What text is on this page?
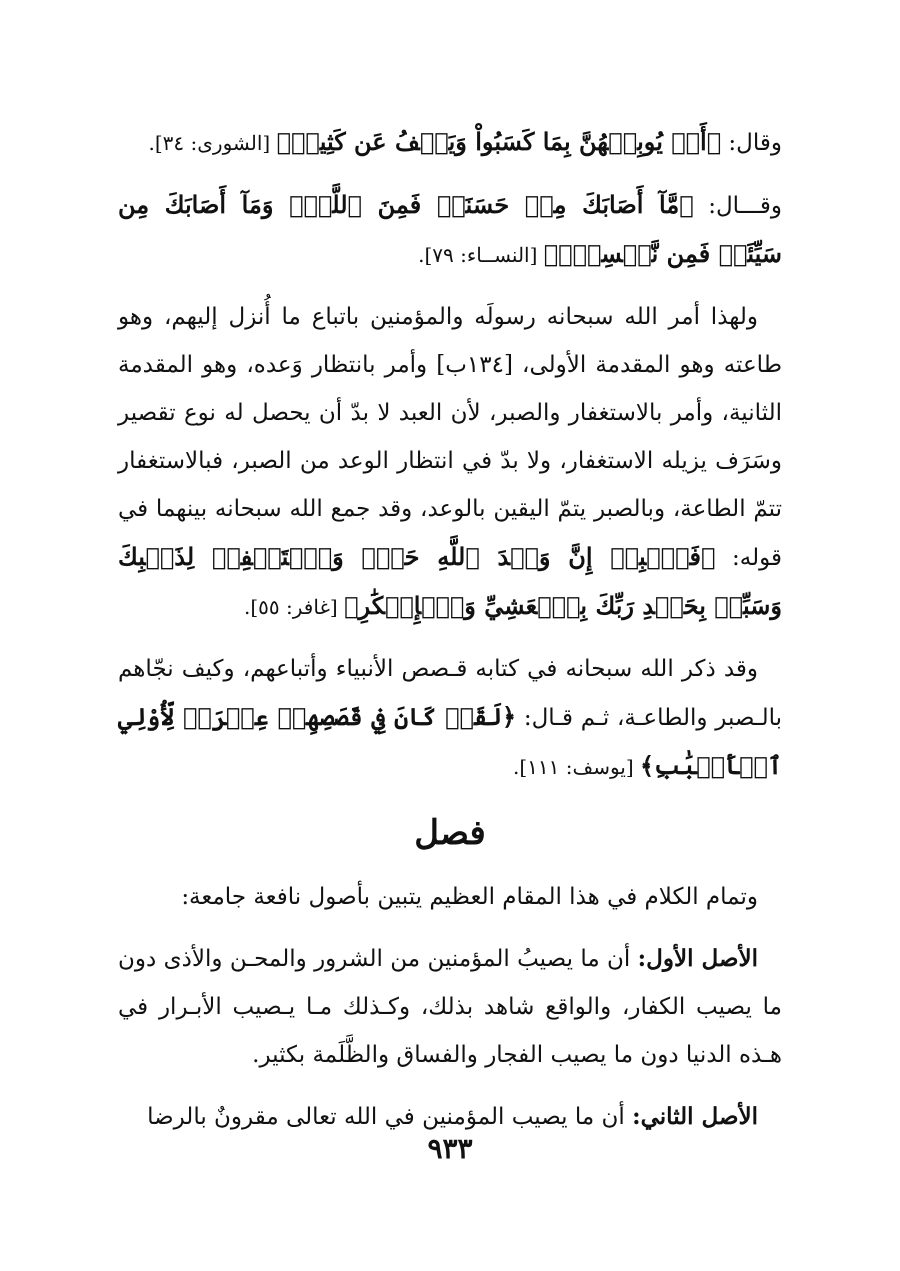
وقال: ﴿أَوۡ يُوبِقۡهُنَّ بِمَا كَسَبُواْ وَيَعۡفُ عَن كَثِيرٖ﴾ [الشورى: ٣٤].

وقـــال: ﴿مَّآ أَصَابَكَ مِنۡ حَسَنَةٖ فَمِنَ ٱللَّهِۖ وَمَآ أَصَابَكَ مِن سَيِّئَةٖ فَمِن نَّفۡسِكَۚ﴾ [النســاء: ٧٩].

ولهذا أمر الله سبحانه رسولَه والمؤمنين باتباع ما أُنزل إليهم، وهو طاعته وهو المقدمة الأولى، [١٣٤ب] وأمر بانتظار وَعده، وهو المقدمة الثانية، وأمر بالاستغفار والصبر، لأن العبد لا بدّ أن يحصل له نوع تقصير وسَرَف يزيله الاستغفار، ولا بدّ في انتظار الوعد من الصبر، فبالاستغفار تتمّ الطاعة، وبالصبر يتمّ اليقين بالوعد، وقد جمع الله سبحانه بينهما في قوله: ﴿فَٱصۡبِرۡ إِنَّ وَعۡدَ ٱللَّهِ حَقّٞ وَٱسۡتَغۡفِرۡ لِذَنۢبِكَ وَسَبِّحۡ بِحَمۡدِ رَبِّكَ بِٱلۡعَشِيِّ وَٱلۡإِبۡكَٰرِ﴾ [غافر: ٥٥].

وقد ذكر الله سبحانه في كتابه قـصص الأنبياء وأتباعهم، وكيف نجّاهم بالـصبر والطاعـة، ثـم قـال: ﴿لَقَدۡ كَانَ فِي قَصَصِهِمۡ عِبۡرَةٞ لِّأُوْلِي ٱلۡأَلۡبَٰبِ﴾ [يوسف: ١١١].

فصل

وتمام الكلام في هذا المقام العظيم يتبين بأصول نافعة جامعة:

الأصل الأول: أن ما يصيبُ المؤمنين من الشرور والمحـن والأذى دون ما يصيب الكفار، والواقع شاهد بذلك، وكـذلك مـا يـصيب الأبـرار في هـذه الدنيا دون ما يصيب الفجار والفساق والظَّلَمة بكثير.

الأصل الثاني: أن ما يصيب المؤمنين في الله تعالى مقرونٌ بالرضا

٩٣٣
